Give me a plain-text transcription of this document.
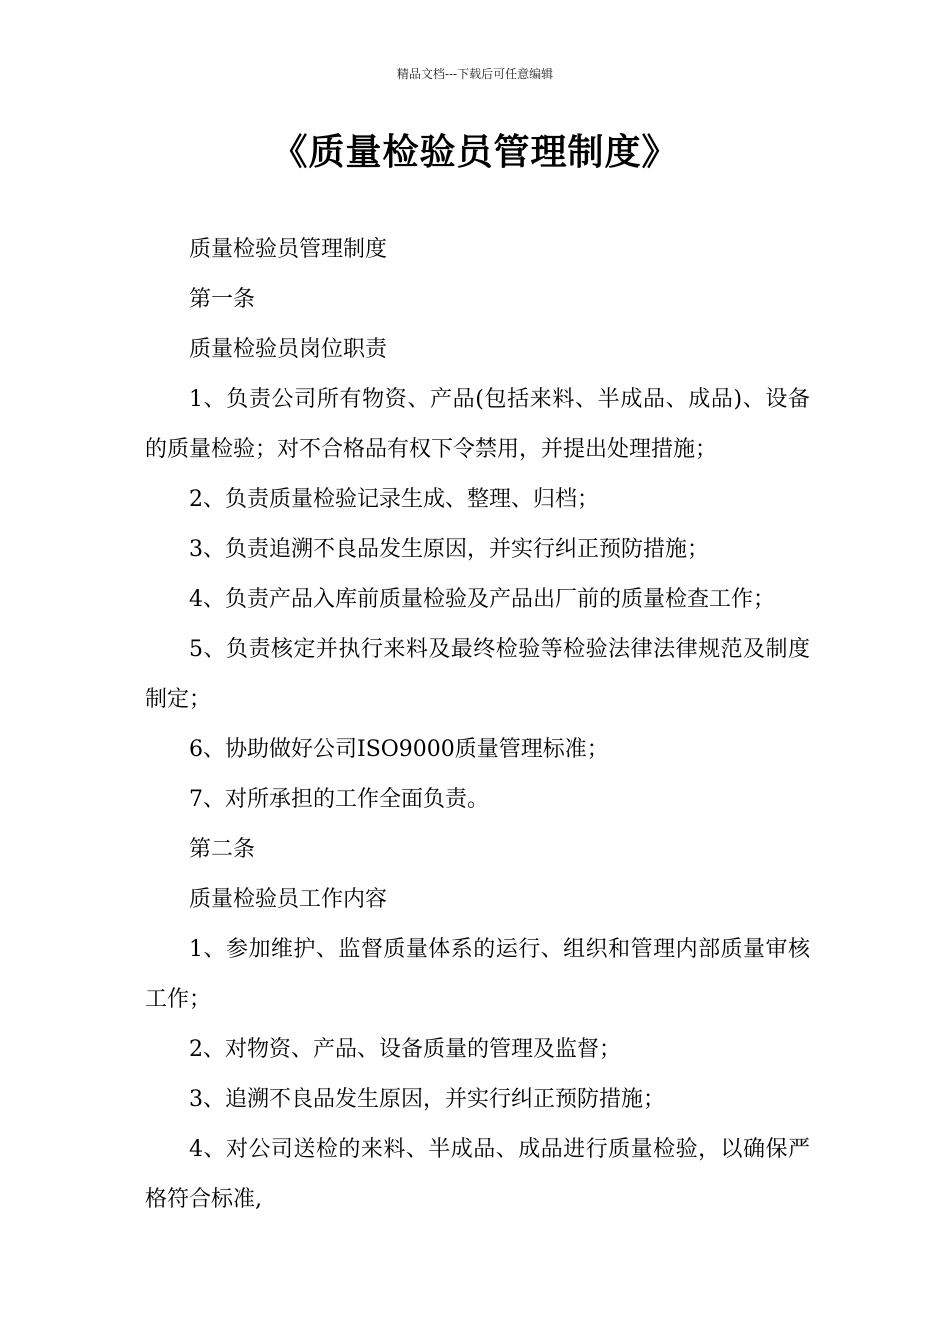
精品文档---下载后可任意编辑
《质量检验员管理制度》

质量检验员管理制度

第一条

质量检验员岗位职责

1、负责公司所有物资、产品(包括来料、半成品、成品)、设备的质量检验；对不合格品有权下令禁用，并提出处理措施；

2、负责质量检验记录生成、整理、归档；

3、负责追溯不良品发生原因，并实行纠正预防措施；

4、负责产品入库前质量检验及产品出厂前的质量检查工作；

5、负责核定并执行来料及最终检验等检验法律法律规范及制度制定；

6、协助做好公司ISO9000质量管理标准；

7、对所承担的工作全面负责。

第二条

质量检验员工作内容

1、参加维护、监督质量体系的运行、组织和管理内部质量审核工作；

2、对物资、产品、设备质量的管理及监督；

3、追溯不良品发生原因，并实行纠正预防措施；

4、对公司送检的来料、半成品、成品进行质量检验，以确保严格符合标准,
